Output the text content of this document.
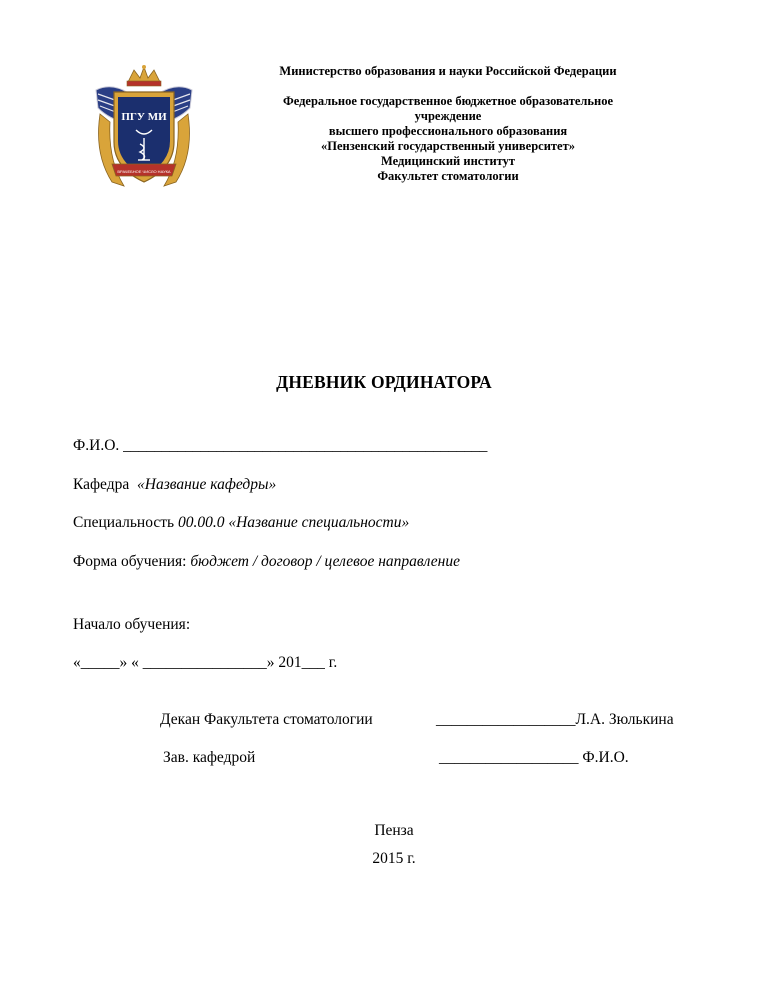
ПГУ МИ
ВРАЧЕБНОЕ ЧИСЛО НАУКА
Министерство образования и науки Российской Федерации
Федеральное государственное бюджетное образовательное
учреждение
высшего профессионального образования
«Пензенский государственный университет»
Медицинский институт
Факультет стоматологии
ДНЕВНИК ОРДИНАТОРА
Ф.И.О. _______________________________________________
Кафедра «Название кафедры»
Специальность 00.00.0 «Название специальности»
Форма обучения: бюджет / договор / целевое направление
Начало обучения:
«_____» « ________________» 201___ г.
Декан Факультета стоматологии	__________________Л.А. Зюлькина
Зав. кафедрой	__________________ Ф.И.О.
Пенза
2015 г.
